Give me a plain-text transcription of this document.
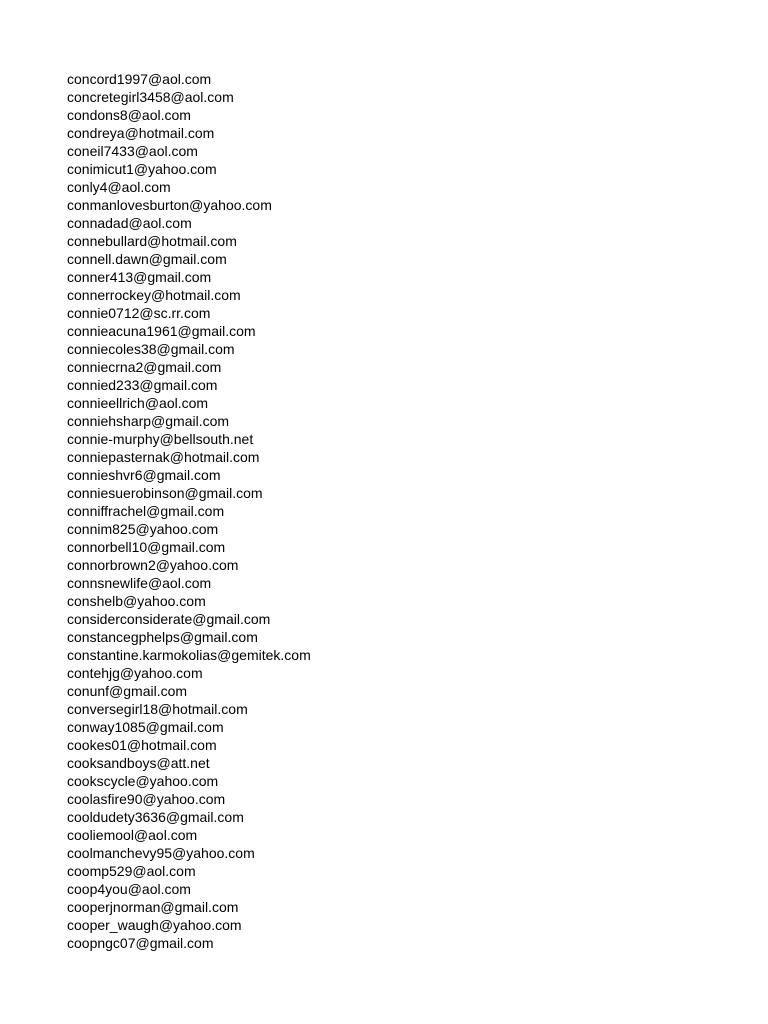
concord1997@aol.com
concretegirl3458@aol.com
condons8@aol.com
condreya@hotmail.com
coneil7433@aol.com
conimicut1@yahoo.com
conly4@aol.com
conmanlovesburton@yahoo.com
connadad@aol.com
connebullard@hotmail.com
connell.dawn@gmail.com
conner413@gmail.com
connerrockey@hotmail.com
connie0712@sc.rr.com
connieacuna1961@gmail.com
conniecoles38@gmail.com
conniecrna2@gmail.com
connied233@gmail.com
connieellrich@aol.com
conniehsharp@gmail.com
connie-murphy@bellsouth.net
conniepasternak@hotmail.com
connieshvr6@gmail.com
conniesuerobinson@gmail.com
conniffrachel@gmail.com
connim825@yahoo.com
connorbell10@gmail.com
connorbrown2@yahoo.com
connsnewlife@aol.com
conshelb@yahoo.com
considerconsiderate@gmail.com
constancegphelps@gmail.com
constantine.karmokolias@gemitek.com
contehjg@yahoo.com
conunf@gmail.com
conversegirl18@hotmail.com
conway1085@gmail.com
cookes01@hotmail.com
cooksandboys@att.net
cookscycle@yahoo.com
coolasfire90@yahoo.com
cooldudety3636@gmail.com
cooliemool@aol.com
coolmanchevy95@yahoo.com
coomp529@aol.com
coop4you@aol.com
cooperjnorman@gmail.com
cooper_waugh@yahoo.com
coopngc07@gmail.com
